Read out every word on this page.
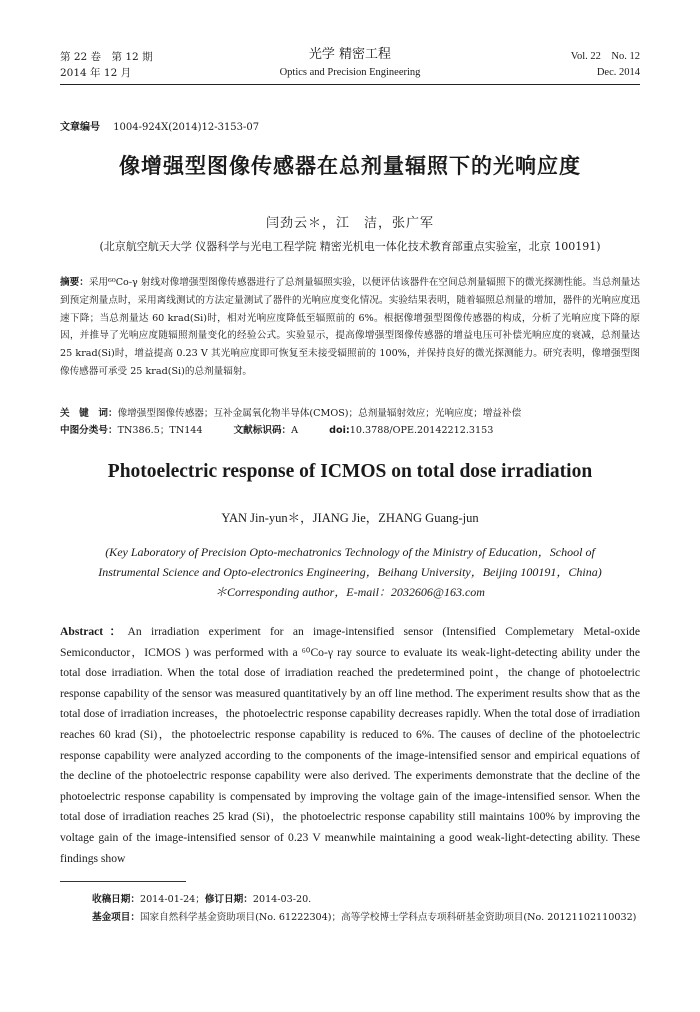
第 22 卷　第 12 期
2014 年 12 月
光学 精密工程
Optics and Precision Engineering
Vol. 22　No. 12
Dec. 2014
文章编号 1004-924X(2014)12-3153-07
像增强型图像传感器在总剂量辐照下的光响应度
闫劲云＊，江　洁，张广军
(北京航空航天大学 仪器科学与光电工程学院 精密光机电一体化技术教育部重点实验室，北京 100191)
摘要：采用⁶⁰Co-γ 射线对像增强型图像传感器进行了总剂量辐照实验，以便评估该器件在空间总剂量辐照下的微光探测性能。当总剂量达到预定剂量点时，采用离线测试的方法定量测试了器件的光响应度变化情况。实验结果表明，随着辐照总剂量的增加，器件的光响应度迅速下降；当总剂量达 60 krad(Si)时，相对光响应度降低至辐照前的 6%。根据像增强型图像传感器的构成，分析了光响应度下降的原因，并推导了光响应度随辐照剂量变化的经验公式。实验显示，提高像增强型图像传感器的增益电压可补偿光响应度的衰减，总剂量达 25 krad(Si)时，增益提高 0.23 V 其光响应度即可恢复至未接受辐照前的 100%，并保持良好的微光探测能力。研究表明，像增强型图像传感器可承受 25 krad(Si)的总剂量辐射。
关　键　词：像增强型图像传感器；互补金属氧化物半导体(CMOS)；总剂量辐射效应；光响应度；增益补偿
中图分类号：TN386.5；TN144	文献标识码：A	doi:10.3788/OPE.20142212.3153
Photoelectric response of ICMOS on total dose irradiation
YAN Jin-yun＊，JIANG Jie，ZHANG Guang-jun
(Key Laboratory of Precision Opto-mechatronics Technology of the Ministry of Education，School of
Instrumental Science and Opto-electronics Engineering，Beihang University，Beijing 100191，China)
＊Corresponding author，E-mail：2032606@163.com
Abstract：An irradiation experiment for an image-intensified sensor (Intensified Complemetary Metal-oxide Semiconductor，ICMOS ) was performed with a ⁶⁰Co-γ ray source to evaluate its weak-light-detecting ability under the total dose irradiation. When the total dose of irradiation reached the predetermined point，the change of photoelectric response capability of the sensor was measured quantitatively by an off line method. The experiment results show that as the total dose of irradiation increases，the photoelectric response capability decreases rapidly. When the total dose of irradiation reaches 60 krad (Si)，the photoelectric response capability is reduced to 6%. The causes of decline of the photoelectric response capability were analyzed according to the components of the image-intensified sensor and empirical equations of the decline of the photoelectric response capability were also derived. The experiments demonstrate that the decline of the photoelectric response capability is compensated by improving the voltage gain of the image-intensified sensor. When the total dose of irradiation reaches 25 krad (Si)，the photoelectric response capability still maintains 100% by improving the voltage gain of the image-intensified sensor of 0.23 V meanwhile maintaining a good weak-light-detecting ability. These findings show
收稿日期：2014-01-24；修订日期：2014-03-20.
基金项目：国家自然科学基金资助项目(No. 61222304)；高等学校博士学科点专项科研基金资助项目(No. 20121102110032)
